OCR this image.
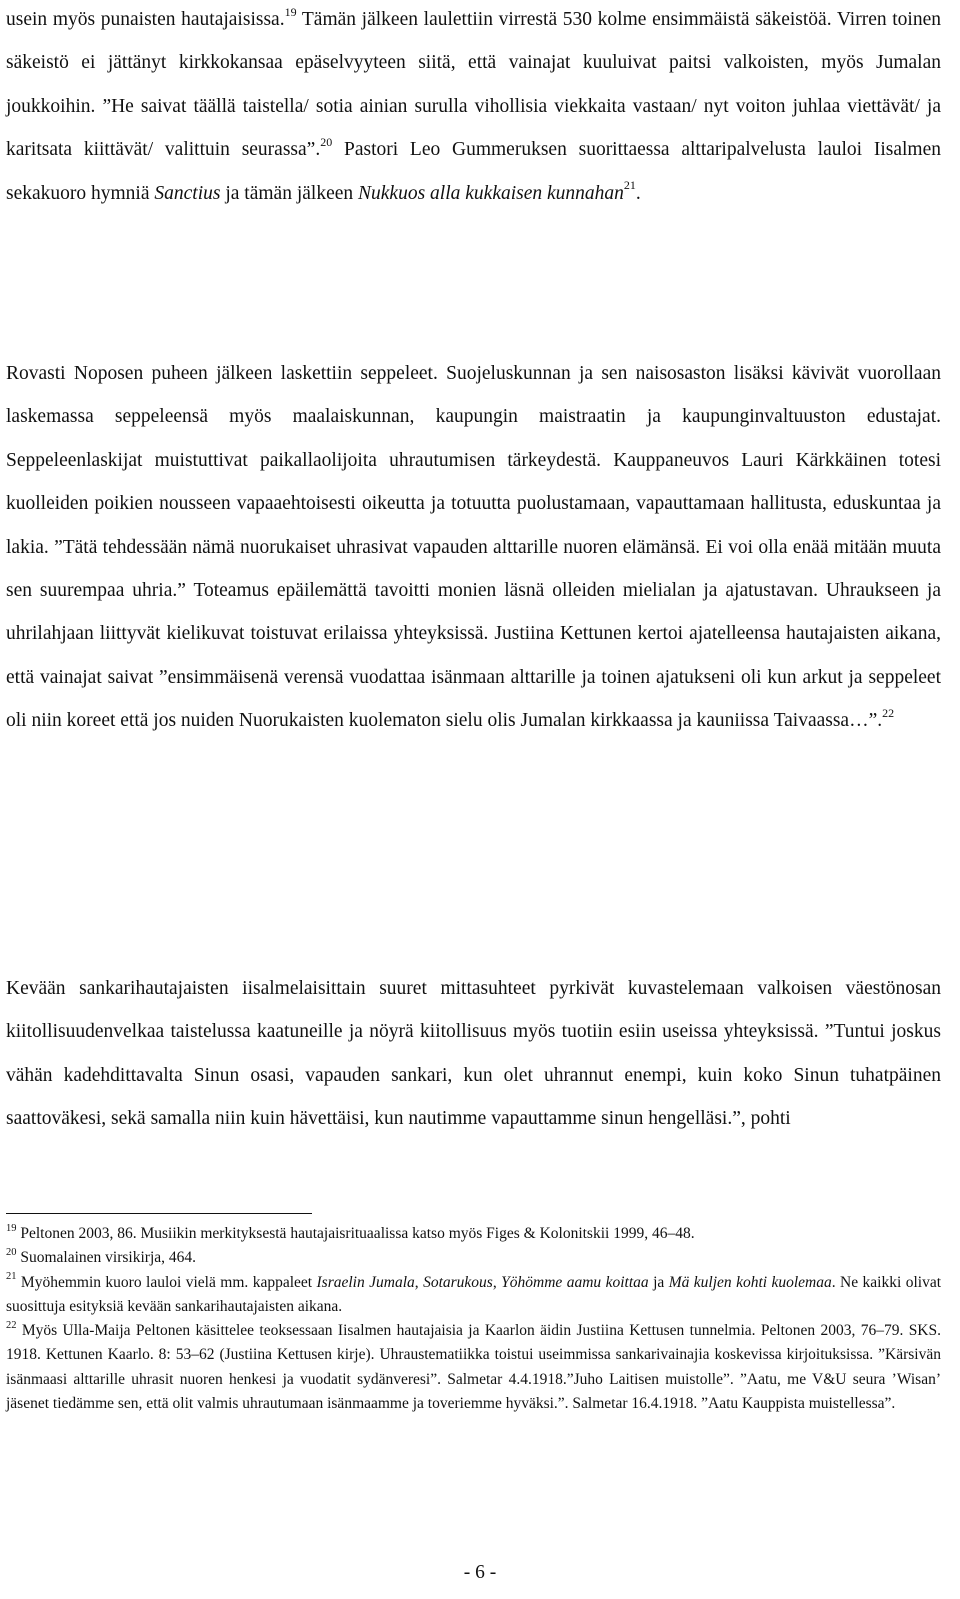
usein myös punaisten hautajaisissa.$^{19}$ Tämän jälkeen laulettiin virrestä 530 kolme ensimmäistä säkeistöä. Virren toinen säkeistö ei jättänyt kirkkokansaa epäselvyyteen siitä, että vainajat kuuluivat paitsi valkoisten, myös Jumalan joukkoihin. ”He saivat täällä taistella/ sotia ainian surulla vihollisia viekkaita vastaan/ nyt voiton juhlaa viettävät/ ja karitsata kiittävät/ valittuin seurassa”.$^{20}$ Pastori Leo Gummeruksen suorittaessa alttaripalvelusta lauloi Iisalmen sekakuoro hymniä Sanctius ja tämän jälkeen Nukkuos alla kukkaisen kunnahan$^{21}$.

Rovasti Noposen puheen jälkeen laskettiin seppeleet. Suojeluskunnan ja sen naisosaston lisäksi kävivät vuorollaan laskemassa seppeleensä myös maalaiskunnan, kaupungin maistraatin ja kaupunginvaltuuston edustajat. Seppeleenlaskijat muistuttivat paikallaolijoita uhrautumisen tärkeydestä. Kauppaneuvos Lauri Kärkkäinen totesi kuolleiden poikien nousseen vapaaehtoisesti oikeutta ja totuutta puolustamaan, vapauttamaan hallitusta, eduskuntaa ja lakia. ”Tätä tehdessään nämä nuorukaiset uhrasivat vapauden alttarille nuoren elämänsä. Ei voi olla enää mitään muuta sen suurempaa uhria.” Toteamus epäilemättä tavoitti monien läsnä olleiden mielialan ja ajatustavan. Uhraukseen ja uhrilahjaan liittyvät kielikuvat toistuvat erilaissa yhteyksissä. Justiina Kettunen kertoi ajatelleensa hautajaisten aikana, että vainajat saivat ”ensimmäisenä verensä vuodattaa isänmaan alttarille ja toinen ajatukseni oli kun arkut ja seppeleet oli niin koreet että jos nuiden Nuorukaisten kuolematon sielu olis Jumalan kirkkaassa ja kauniissa Taivaassa…”.$^{22}$

Kevään sankarihautajaisten iisalmelaisittain suuret mittasuhteet pyrkivät kuvastelemaan valkoisen väestönosan kiitollisuudenvelkaa taistelussa kaatuneille ja nöyrä kiitollisuus myös tuotiin esiin useissa yhteyksissä. ”Tuntui joskus vähän kadehdittavalta Sinun osasi, vapauden sankari, kun olet uhrannut enempi, kuin koko Sinun tuhatpäinen saattoväkesi, sekä samalla niin kuin hävettäisi, kun nautimme vapauttamme sinun hengelläsi.”, pohti

$^{19}$ Peltonen 2003, 86. Musiikin merkityksestä hautajaisrituaalissa katso myös Figes & Kolonitskii 1999, 46–48.

$^{20}$ Suomalainen virsikirja, 464.

$^{21}$ Myöhemmin kuoro lauloi vielä mm. kappaleet Israelin Jumala, Sotarukous, Yöhömme aamu koittaa ja Mä kuljen kohti kuolemaa. Ne kaikki olivat suosittuja esityksiä kevään sankarihautajaisten aikana.

$^{22}$ Myös Ulla-Maija Peltonen käsittelee teoksessaan Iisalmen hautajaisia ja Kaarlon äidin Justiina Kettusen tunnelmia. Peltonen 2003, 76–79. SKS. 1918. Kettunen Kaarlo. 8: 53–62 (Justiina Kettusen kirje). Uhraustematiikka toistui useimmissa sankarivainajia koskevissa kirjoituksissa. ”Kärsivän isänmaasi alttarille uhrasit nuoren henkesi ja vuodatit sydänveresi”. Salmetar 4.4.1918.”Juho Laitisen muistolle”. ”Aatu, me V&U seura ’Wisan’ jäsenet tiedämme sen, että olit valmis uhrautumaan isänmaamme ja toveriemme hyväksi.”. Salmetar 16.4.1918. ”Aatu Kauppista muistellessa”.

- 6 -
